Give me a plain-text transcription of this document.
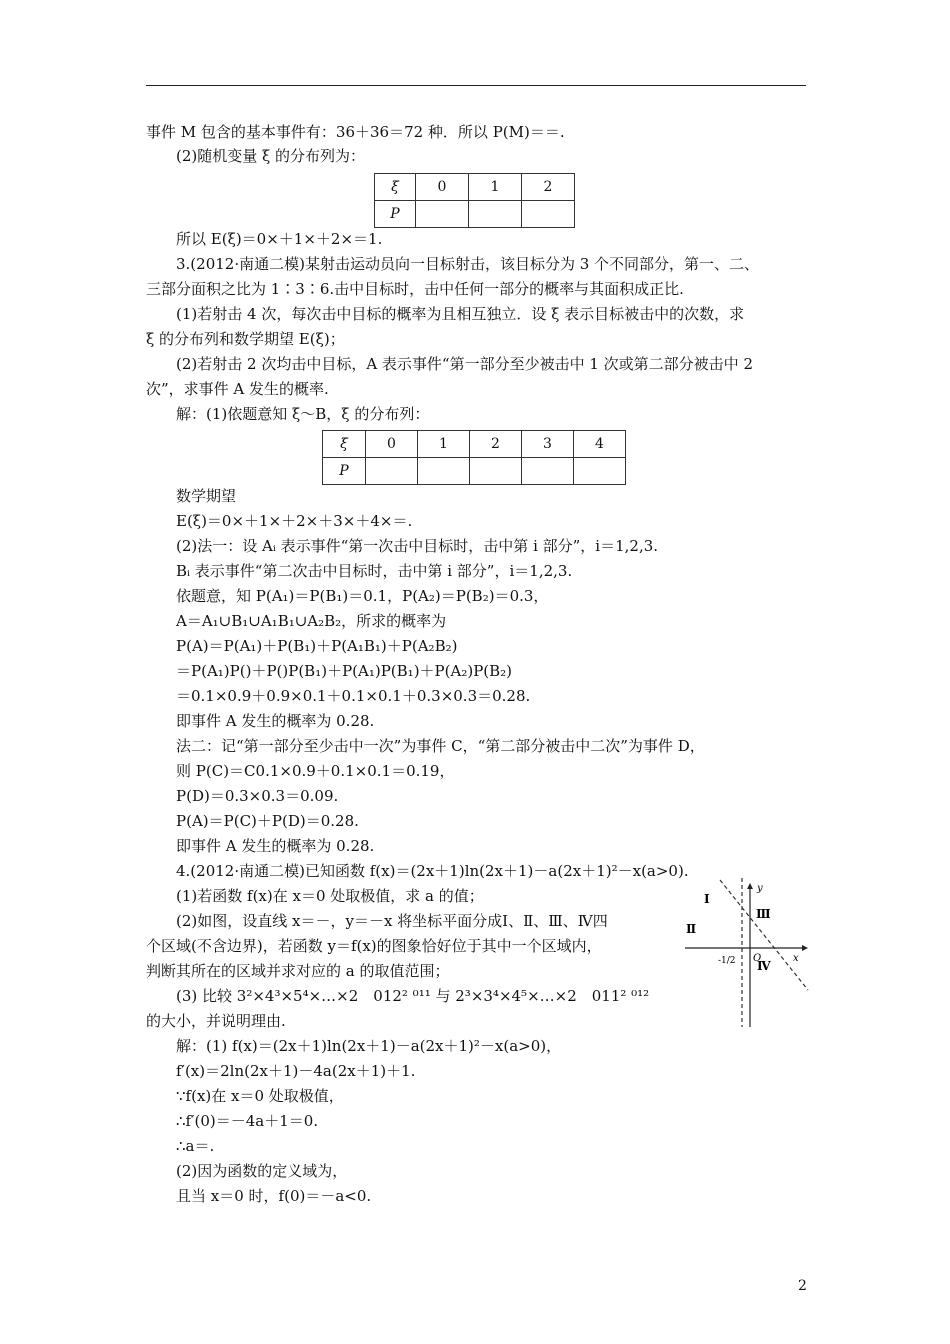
事件 M 包含的基本事件有：36＋36＝72 种．所以 P(M)＝＝.
(2)随机变量 ξ 的分布列为：
ξ	0	1	2
P			
所以 E(ξ)＝0×＋1×＋2×＝1.
3.(2012·南通二模)某射击运动员向一目标射击，该目标分为 3 个不同部分，第一、二、
三部分面积之比为 1∶3∶6.击中目标时，击中任何一部分的概率与其面积成正比.
(1)若射击 4 次，每次击中目标的概率为且相互独立．设 ξ 表示目标被击中的次数，求
ξ 的分布列和数学期望 E(ξ)；
(2)若射击 2 次均击中目标，A 表示事件“第一部分至少被击中 1 次或第二部分被击中 2
次”，求事件 A 发生的概率.
解：(1)依题意知 ξ～B，ξ 的分布列：
ξ	0	1	2	3	4
P					
数学期望
E(ξ)＝0×＋1×＋2×＋3×＋4×＝.
(2)法一：设 Aᵢ 表示事件“第一次击中目标时，击中第 i 部分”，i＝1,2,3.
Bᵢ 表示事件“第二次击中目标时，击中第 i 部分”，i＝1,2,3.
依题意，知 P(A₁)＝P(B₁)＝0.1，P(A₂)＝P(B₂)＝0.3，
A＝A₁∪B₁∪A₁B₁∪A₂B₂，所求的概率为
P(A)＝P(A₁)＋P(B₁)＋P(A₁B₁)＋P(A₂B₂)
＝P(A₁)P()＋P()P(B₁)＋P(A₁)P(B₁)＋P(A₂)P(B₂)
＝0.1×0.9＋0.9×0.1＋0.1×0.1＋0.3×0.3＝0.28.
即事件 A 发生的概率为 0.28.
法二：记“第一部分至少击中一次”为事件 C，“第二部分被击中二次”为事件 D，
则 P(C)＝C0.1×0.9＋0.1×0.1＝0.19，
P(D)＝0.3×0.3＝0.09.
P(A)＝P(C)＋P(D)＝0.28.
即事件 A 发生的概率为 0.28.
4.(2012·南通二模)已知函数 f(x)＝(2x＋1)ln(2x＋1)－a(2x＋1)²－x(a>0).
(1)若函数 f(x)在 x＝0 处取极值，求 a 的值；
(2)如图，设直线 x＝－，y＝－x 将坐标平面分成Ⅰ、Ⅱ、Ⅲ、Ⅳ四
个区域(不含边界)，若函数 y＝f(x)的图象恰好位于其中一个区域内，
判断其所在的区域并求对应的 a 的取值范围；
(3) 比较 3²×4³×5⁴×…×2　012² ⁰¹¹ 与 2³×3⁴×4⁵×…×2　011² ⁰¹²
的大小，并说明理由.
解：(1) f(x)＝(2x＋1)ln(2x＋1)－a(2x＋1)²－x(a>0)，
f′(x)＝2ln(2x＋1)－4a(2x＋1)＋1.
∵f(x)在 x＝0 处取极值，
∴f′(0)＝－4a＋1＝0.
∴a＝.
(2)因为函数的定义域为，
且当 x＝0 时，f(0)＝－a<0.
Ⅰ
Ⅱ
Ⅲ
Ⅳ
y
x
O
-1/2
2
